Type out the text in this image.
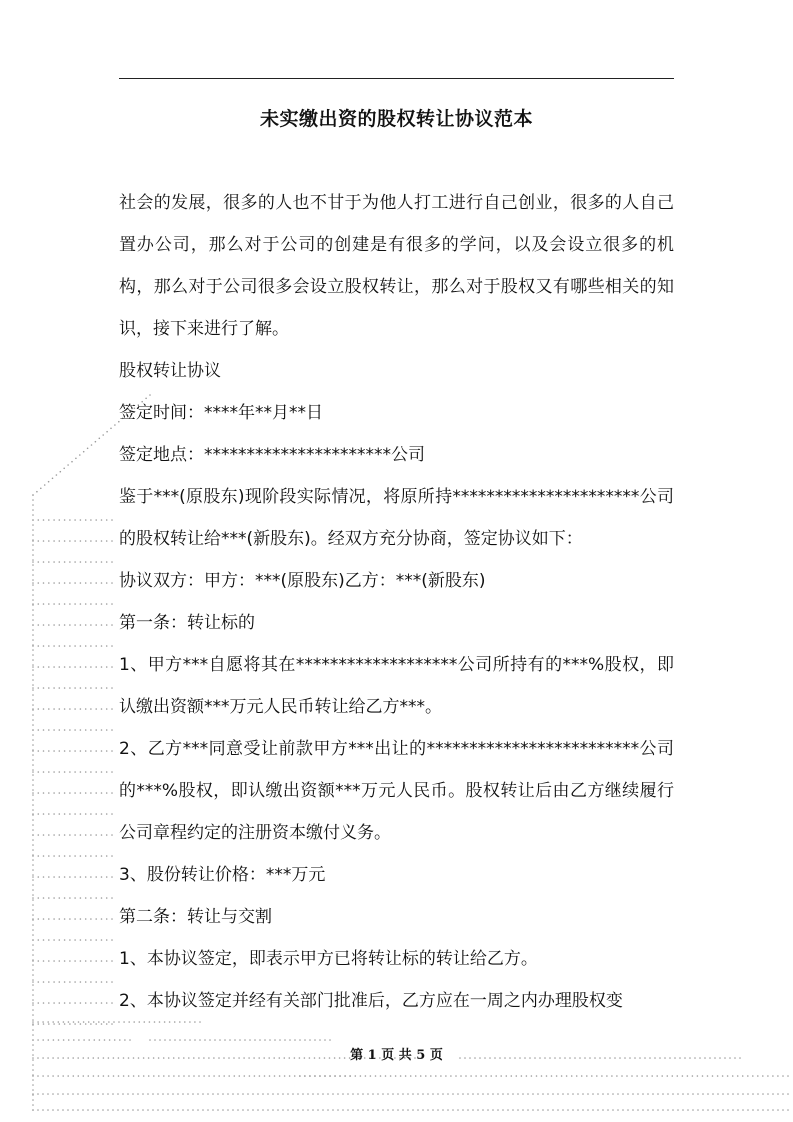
未实缴出资的股权转让协议范本
社会的发展，很多的人也不甘于为他人打工进行自己创业，很多的人自己置办公司，那么对于公司的创建是有很多的学问，以及会设立很多的机构，那么对于公司很多会设立股权转让，那么对于股权又有哪些相关的知识，接下来进行了解。
股权转让协议
签定时间：****年**月**日
签定地点：**********************公司
鉴于***(原股东)现阶段实际情况，将原所持**********************公司的股权转让给***(新股东)。经双方充分协商，签定协议如下：
协议双方：甲方：***(原股东)乙方：***(新股东)
第一条：转让标的
1、甲方***自愿将其在*******************公司所持有的***%股权，即认缴出资额***万元人民币转让给乙方***。
2、乙方***同意受让前款甲方***出让的*************************公司的***%股权，即认缴出资额***万元人民币。股权转让后由乙方继续履行公司章程约定的注册资本缴付义务。
3、股份转让价格：***万元
第二条：转让与交割
1、本协议签定，即表示甲方已将转让标的转让给乙方。
2、本协议签定并经有关部门批准后，乙方应在一周之内办理股权变
第 1 页 共 5 页
